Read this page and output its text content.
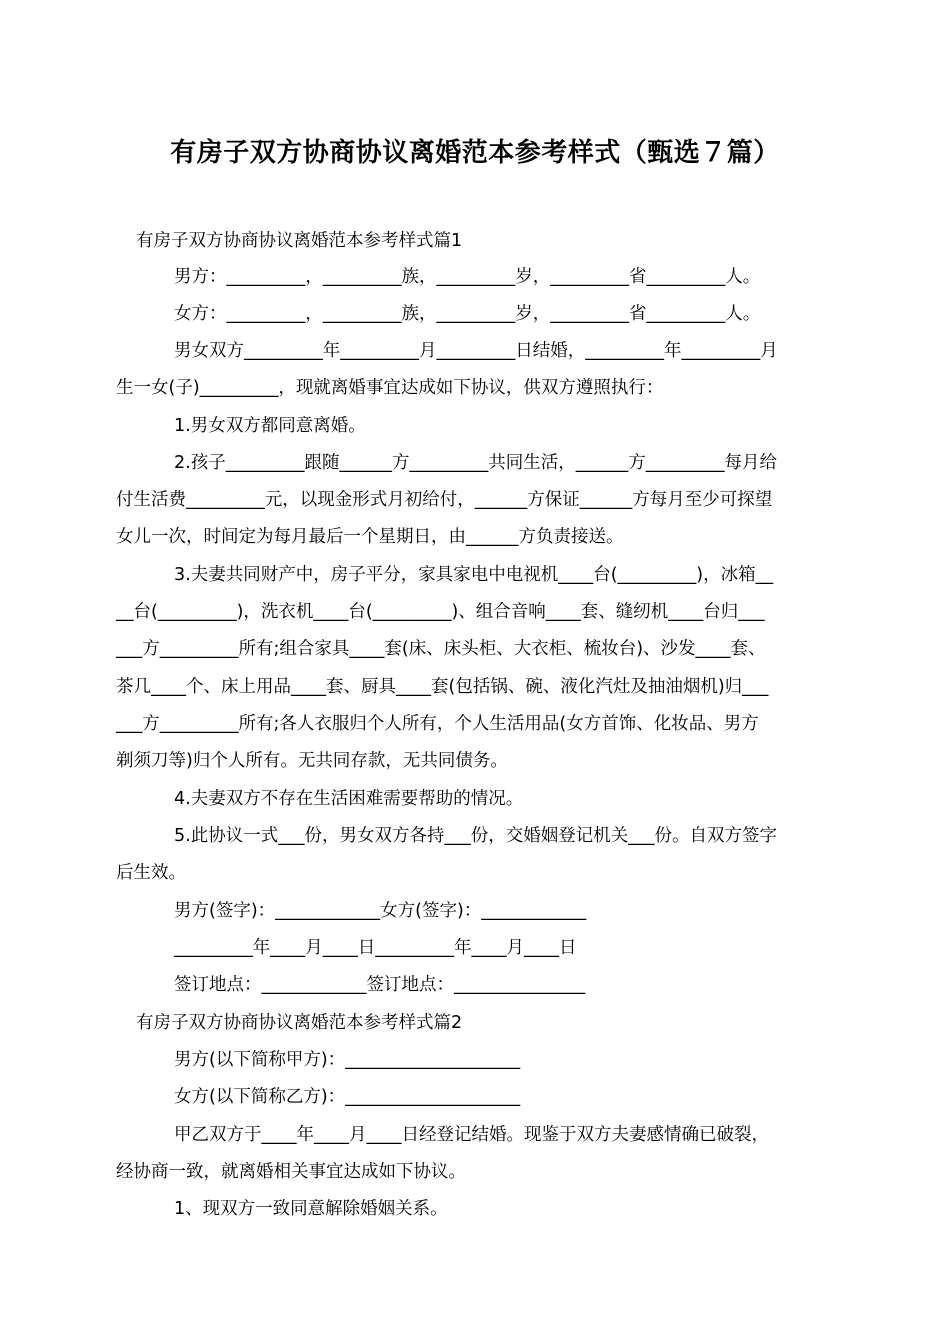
有房子双方协商协议离婚范本参考样式（甄选７篇）

有房子双方协商协议离婚范本参考样式篇1

男方：_________，_________族，_________岁，_________省_________人。

女方：_________，_________族，_________岁，_________省_________人。

男女双方_________年_________月_________日结婚，_________年_________月

生一女(子)_________，现就离婚事宜达成如下协议，供双方遵照执行：

1.男女双方都同意离婚。

2.孩子_________跟随______方_________共同生活，______方_________每月给

付生活费_________元，以现金形式月初给付，______方保证______方每月至少可探望

女儿一次，时间定为每月最后一个星期日，由______方负责接送。

3.夫妻共同财产中，房子平分，家具家电中电视机____台(_________)，冰箱__

__台(_________)，洗衣机____台(_________)、组合音响____套、缝纫机____台归___

___方_________所有;组合家具____套(床、床头柜、大衣柜、梳妆台)、沙发____套、

茶几____个、床上用品____套、厨具____套(包括锅、碗、液化汽灶及抽油烟机)归___

___方_________所有;各人衣服归个人所有，个人生活用品(女方首饰、化妆品、男方

剃须刀等)归个人所有。无共同存款，无共同债务。

4.夫妻双方不存在生活困难需要帮助的情况。

5.此协议一式___份，男女双方各持___份，交婚姻登记机关___份。自双方签字

后生效。

男方(签字)：____________女方(签字)：____________

_________年____月____日_________年____月____日

签订地点：____________签订地点：_______________

有房子双方协商协议离婚范本参考样式篇2

男方(以下简称甲方)：____________________

女方(以下简称乙方)：____________________

甲乙双方于____年____月____日经登记结婚。现鉴于双方夫妻感情确已破裂，

经协商一致，就离婚相关事宜达成如下协议。

1、现双方一致同意解除婚姻关系。
